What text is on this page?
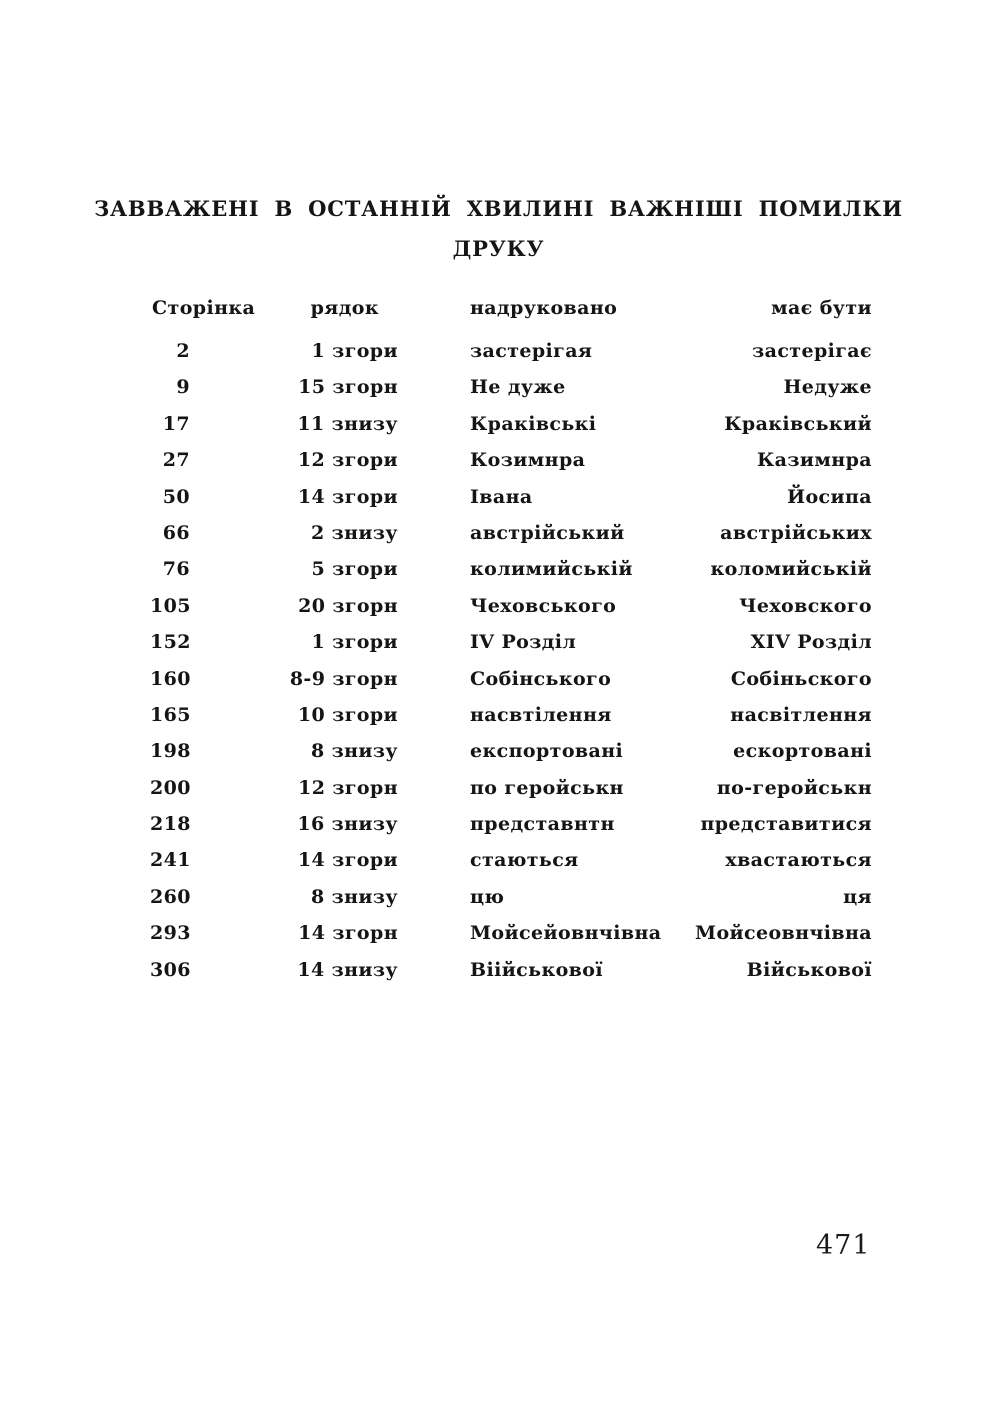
ЗАВВАЖЕНІ В ОСТАННІЙ ХВИЛИНІ ВАЖНІШІ ПОМИЛКИ
ДРУКУ
Сторінка	рядок	надруковано	має бути
2	1 згори	застерігая	застерігає
9	15 згорн	Не дуже	Недуже
17	11 знизу	Краківські	Краківський
27	12 згори	Козимнра	Казимнра
50	14 згори	Івана	Йосипа
66	2 знизу	австрійський	австрійських
76	5 згори	колимийській	коломийській
105	20 згорн	Чеховського	Чеховского
152	1 згори	IV Розділ	XIV Розділ
160	8-9 згорн	Собінського	Собіньского
165	10 згори	насвтілення	насвітлення
198	8 знизу	експортовані	ескортовані
200	12 згорн	по геройськн	по-геройськн
218	16 знизу	представнтн	представитися
241	14 згори	стаються	хвастаються
260	8 знизу	цю	ця
293	14 згорн	Мойсейовнчівна	Мойсеовнчівна
306	14 знизу	Віійськової	Військової
471
